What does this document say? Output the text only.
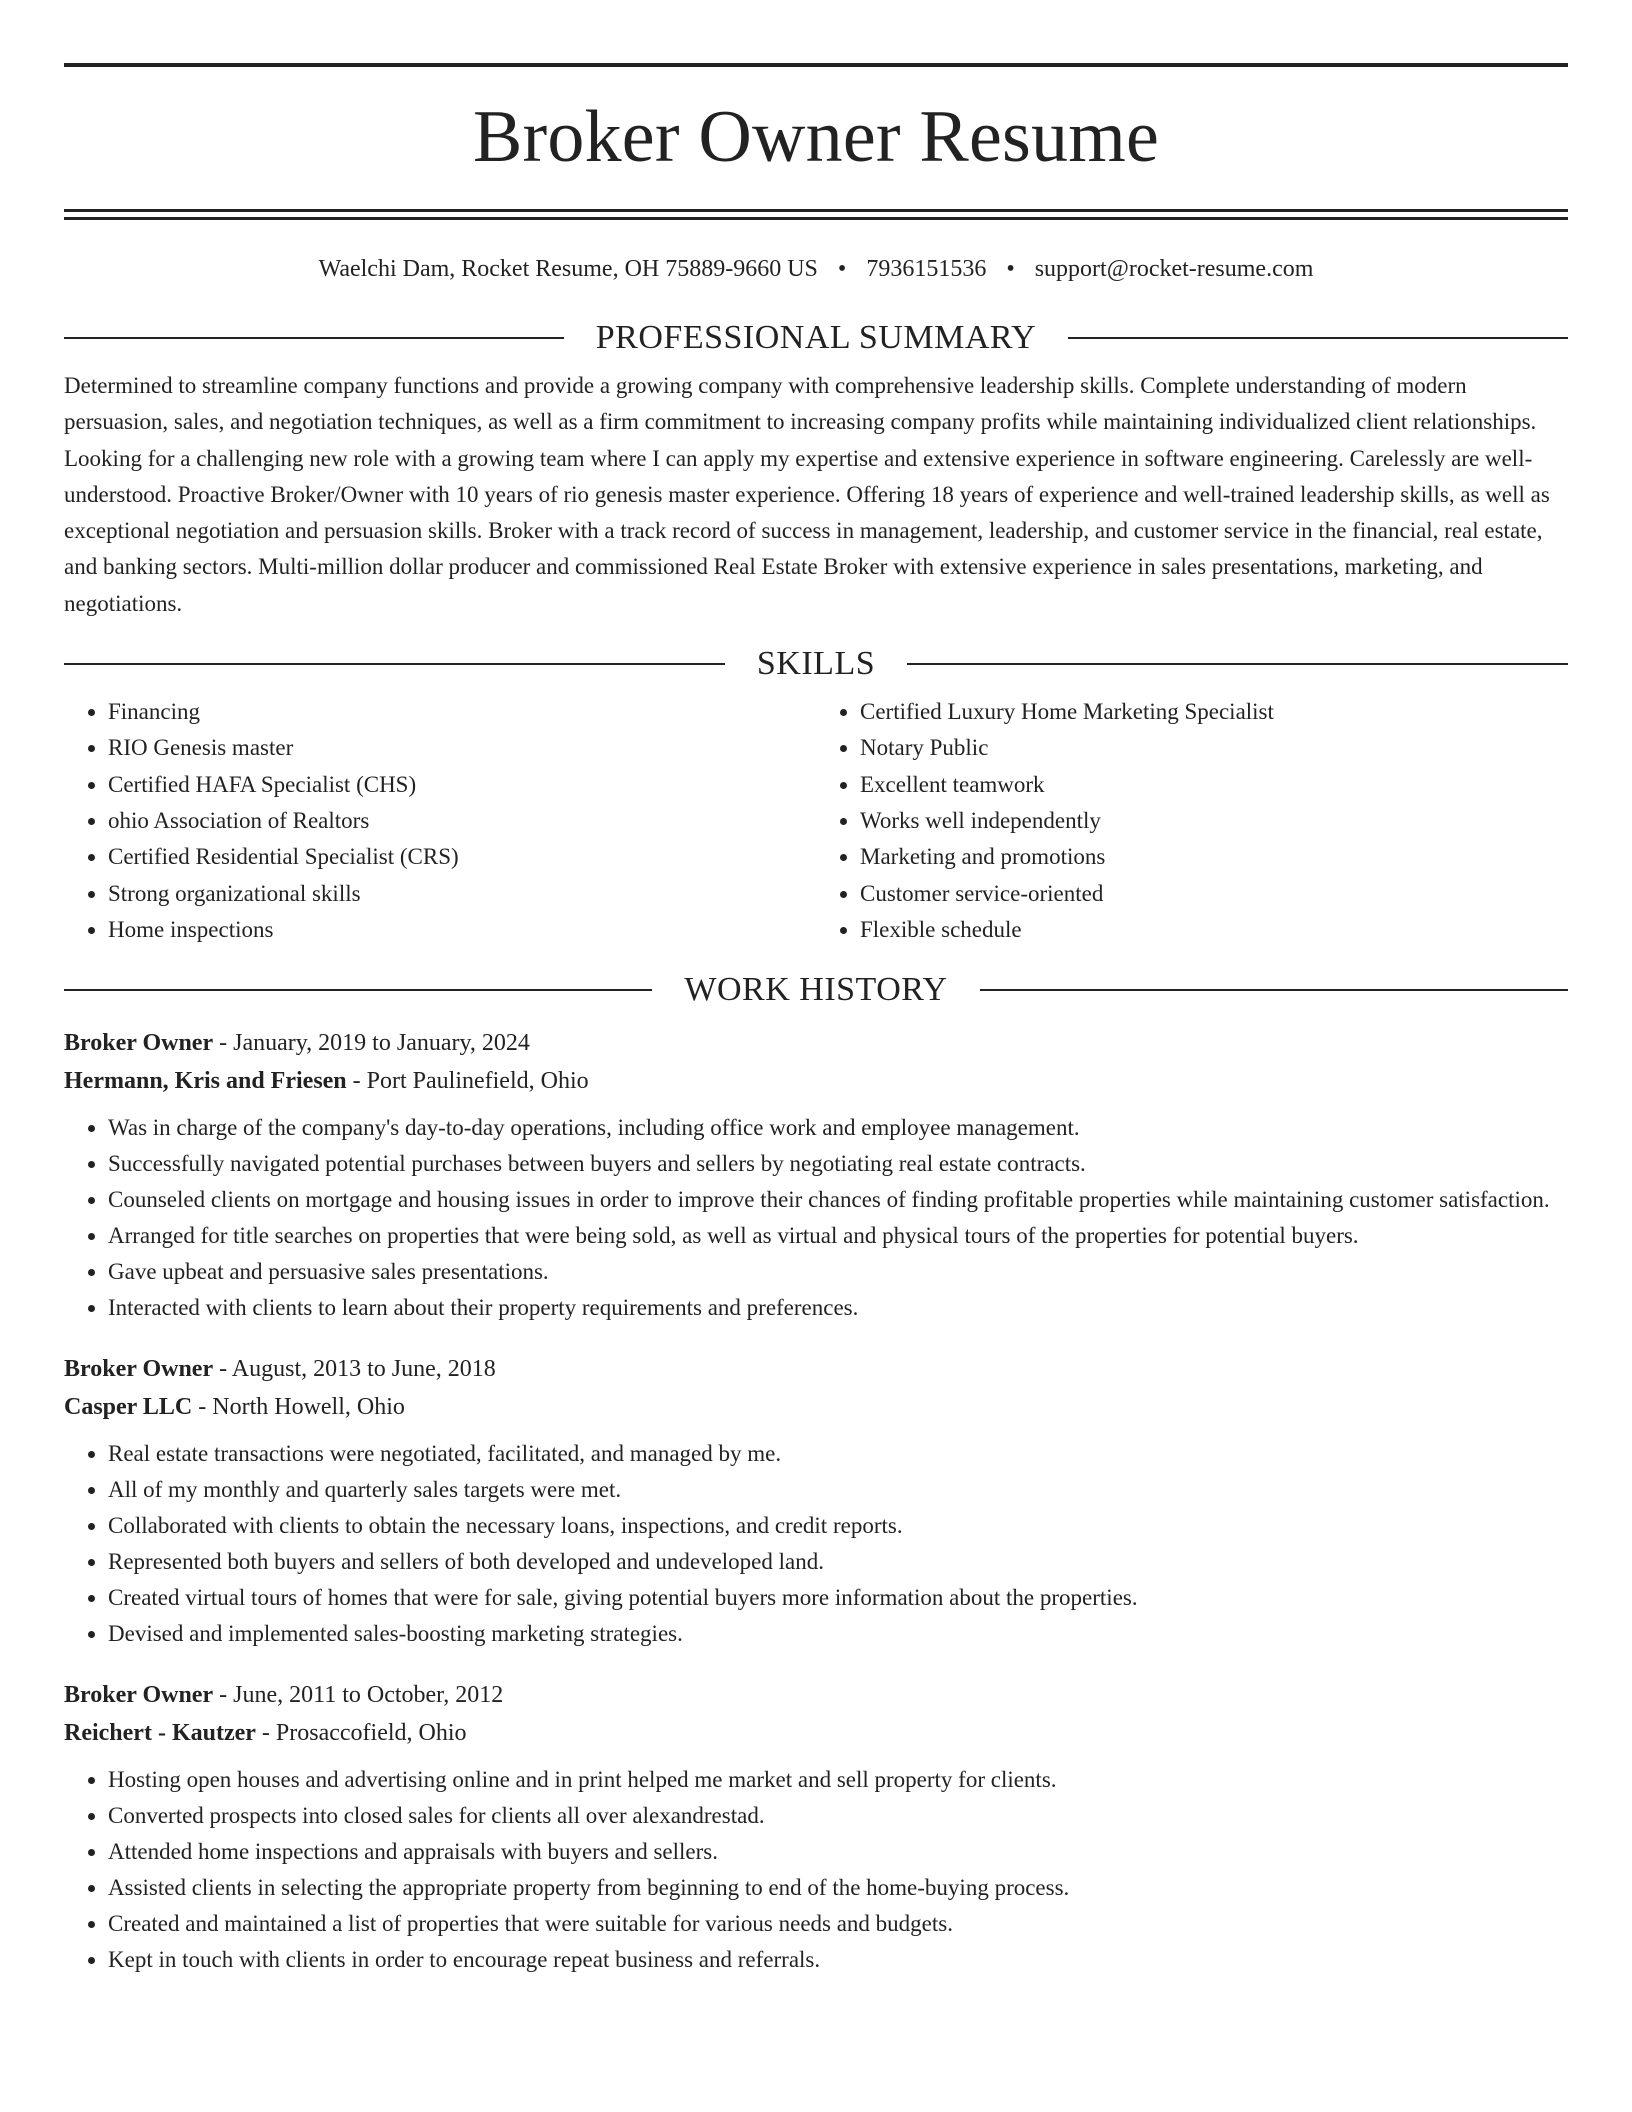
Broker Owner Resume
Waelchi Dam, Rocket Resume, OH 75889-9660 US • 7936151536 • support@rocket-resume.com
PROFESSIONAL SUMMARY

Determined to streamline company functions and provide a growing company with comprehensive leadership skills. Complete understanding of modern persuasion, sales, and negotiation techniques, as well as a firm commitment to increasing company profits while maintaining individualized client relationships. Looking for a challenging new role with a growing team where I can apply my expertise and extensive experience in software engineering. Carelessly are well-understood. Proactive Broker/Owner with 10 years of rio genesis master experience. Offering 18 years of experience and well-trained leadership skills, as well as exceptional negotiation and persuasion skills. Broker with a track record of success in management, leadership, and customer service in the financial, real estate, and banking sectors. Multi-million dollar producer and commissioned Real Estate Broker with extensive experience in sales presentations, marketing, and negotiations.

SKILLS
• Financing
• RIO Genesis master
• Certified HAFA Specialist (CHS)
• ohio Association of Realtors
• Certified Residential Specialist (CRS)
• Strong organizational skills
• Home inspections
• Certified Luxury Home Marketing Specialist
• Notary Public
• Excellent teamwork
• Works well independently
• Marketing and promotions
• Customer service-oriented
• Flexible schedule
WORK HISTORY
Broker Owner - January, 2019 to January, 2024
Hermann, Kris and Friesen - Port Paulinefield, Ohio
• Was in charge of the company's day-to-day operations, including office work and employee management.
• Successfully navigated potential purchases between buyers and sellers by negotiating real estate contracts.
• Counseled clients on mortgage and housing issues in order to improve their chances of finding profitable properties while maintaining customer satisfaction.
• Arranged for title searches on properties that were being sold, as well as virtual and physical tours of the properties for potential buyers.
• Gave upbeat and persuasive sales presentations.
• Interacted with clients to learn about their property requirements and preferences.
Broker Owner - August, 2013 to June, 2018
Casper LLC - North Howell, Ohio
• Real estate transactions were negotiated, facilitated, and managed by me.
• All of my monthly and quarterly sales targets were met.
• Collaborated with clients to obtain the necessary loans, inspections, and credit reports.
• Represented both buyers and sellers of both developed and undeveloped land.
• Created virtual tours of homes that were for sale, giving potential buyers more information about the properties.
• Devised and implemented sales-boosting marketing strategies.
Broker Owner - June, 2011 to October, 2012
Reichert - Kautzer - Prosaccofield, Ohio
• Hosting open houses and advertising online and in print helped me market and sell property for clients.
• Converted prospects into closed sales for clients all over alexandrestad.
• Attended home inspections and appraisals with buyers and sellers.
• Assisted clients in selecting the appropriate property from beginning to end of the home-buying process.
• Created and maintained a list of properties that were suitable for various needs and budgets.
• Kept in touch with clients in order to encourage repeat business and referrals.
